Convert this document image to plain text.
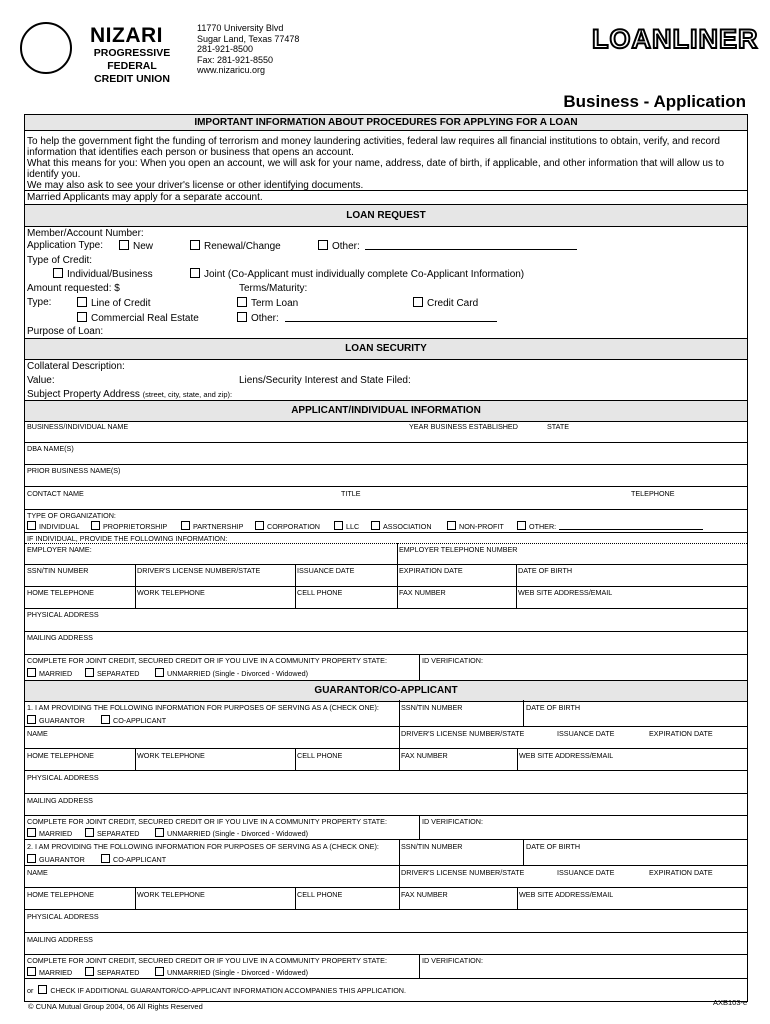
NIZARI
PROGRESSIVE FEDERAL
CREDIT UNION
11770 University Blvd
Sugar Land, Texas 77478
281-921-8500
Fax: 281-921-8550
www.nizaricu.org
LOANLINER
Business - Application
IMPORTANT INFORMATION ABOUT PROCEDURES FOR APPLYING FOR A LOAN
To help the government fight the funding of terrorism and money laundering activities, federal law requires all financial institutions to obtain, verify, and record
information that identifies each person or business that opens an account.
What this means for you: When you open an account, we will ask for your name, address, date of birth, if applicable, and other information that will allow us to
identify you.
We may also ask to see your driver's license or other identifying documents.
Married Applicants may apply for a separate account.
LOAN REQUEST
Member/Account Number:
Application Type:	New	Renewal/Change	Other:
Type of Credit:
Individual/Business	Joint (Co-Applicant must individually complete Co-Applicant Information)
Amount requested: $	Terms/Maturity:
Type:	Line of Credit	Term Loan	Credit Card
Commercial Real Estate	Other:
Purpose of Loan:
LOAN SECURITY
Collateral Description:
Value:	Liens/Security Interest and State Filed:
Subject Property Address (street, city, state, and zip):
APPLICANT/INDIVIDUAL INFORMATION
BUSINESS/INDIVIDUAL NAME	YEAR BUSINESS ESTABLISHED	STATE
DBA NAME(S)
PRIOR BUSINESS NAME(S)
CONTACT NAME	TITLE	TELEPHONE
TYPE OF ORGANIZATION:
INDIVIDUAL	PROPRIETORSHIP	PARTNERSHIP	CORPORATION	LLC	ASSOCIATION	NON-PROFIT	OTHER:
IF INDIVIDUAL, PROVIDE THE FOLLOWING INFORMATION:
EMPLOYER NAME:	EMPLOYER TELEPHONE NUMBER
SSN/TIN NUMBER	DRIVER'S LICENSE NUMBER/STATE	ISSUANCE DATE	EXPIRATION DATE	DATE OF BIRTH
HOME TELEPHONE	WORK TELEPHONE	CELL PHONE	FAX NUMBER	WEB SITE ADDRESS/EMAIL
PHYSICAL ADDRESS
MAILING ADDRESS
COMPLETE FOR JOINT CREDIT, SECURED CREDIT OR IF YOU LIVE IN A COMMUNITY PROPERTY STATE:	ID VERIFICATION:
MARRIED	SEPARATED	UNMARRIED (Single - Divorced - Widowed)
GUARANTOR/CO-APPLICANT
1. I AM PROVIDING THE FOLLOWING INFORMATION FOR PURPOSES OF SERVING AS A (CHECK ONE):	SSN/TIN NUMBER	DATE OF BIRTH
GUARANTOR	CO-APPLICANT
NAME	DRIVER'S LICENSE NUMBER/STATE	ISSUANCE DATE	EXPIRATION DATE
HOME TELEPHONE	WORK TELEPHONE	CELL PHONE	FAX NUMBER	WEB SITE ADDRESS/EMAIL
PHYSICAL ADDRESS
MAILING ADDRESS
COMPLETE FOR JOINT CREDIT, SECURED CREDIT OR IF YOU LIVE IN A COMMUNITY PROPERTY STATE:	ID VERIFICATION:
MARRIED	SEPARATED	UNMARRIED (Single - Divorced - Widowed)
2. I AM PROVIDING THE FOLLOWING INFORMATION FOR PURPOSES OF SERVING AS A (CHECK ONE):	SSN/TIN NUMBER	DATE OF BIRTH
GUARANTOR	CO-APPLICANT
NAME	DRIVER'S LICENSE NUMBER/STATE	ISSUANCE DATE	EXPIRATION DATE
HOME TELEPHONE	WORK TELEPHONE	CELL PHONE	FAX NUMBER	WEB SITE ADDRESS/EMAIL
PHYSICAL ADDRESS
MAILING ADDRESS
COMPLETE FOR JOINT CREDIT, SECURED CREDIT OR IF YOU LIVE IN A COMMUNITY PROPERTY STATE:	ID VERIFICATION:
MARRIED	SEPARATED	UNMARRIED (Single - Divorced - Widowed)
or CHECK IF ADDITIONAL GUARANTOR/CO-APPLICANT INFORMATION ACCOMPANIES THIS APPLICATION.
© CUNA Mutual Group 2004, 06 All Rights Reserved	AXB103-e
